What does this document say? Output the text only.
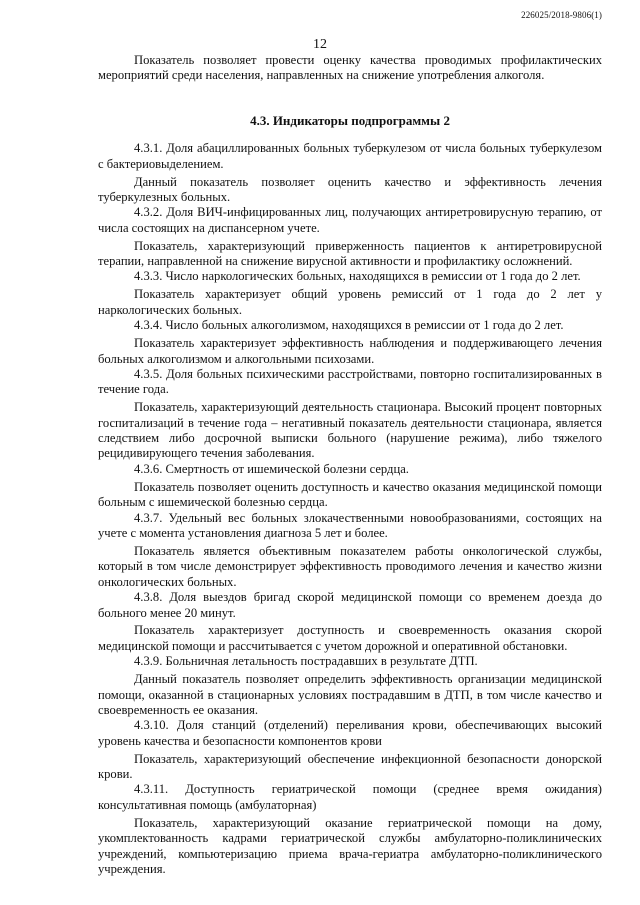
226025/2018-9806(1)
12

Показатель позволяет провести оценку качества проводимых профилактических мероприятий среди населения, направленных на снижение употребления алкоголя.

4.3. Индикаторы подпрограммы 2

4.3.1. Доля абациллированных больных туберкулезом от числа больных туберкулезом с бактериовыделением.

Данный показатель позволяет оценить качество и эффективность лечения туберкулезных больных.

4.3.2. Доля ВИЧ-инфицированных лиц, получающих антиретровирусную терапию, от числа состоящих на диспансерном учете.

Показатель, характеризующий приверженность пациентов к антиретровирусной терапии, направленной на снижение вирусной активности и профилактику осложнений.

4.3.3. Число наркологических больных, находящихся в ремиссии от 1 года до 2 лет.

Показатель характеризует общий уровень ремиссий от 1 года до 2 лет у наркологических больных.

4.3.4. Число больных алкоголизмом, находящихся в ремиссии от 1 года до 2 лет.

Показатель характеризует эффективность наблюдения и поддерживающего лечения больных алкоголизмом и алкогольными психозами.

4.3.5. Доля больных психическими расстройствами, повторно госпитализированных в течение года.

Показатель, характеризующий деятельность стационара. Высокий процент повторных госпитализаций в течение года – негативный показатель деятельности стационара, является следствием либо досрочной выписки больного (нарушение режима), либо тяжелого рецидивирующего течения заболевания.

4.3.6. Смертность от ишемической болезни сердца.

Показатель позволяет оценить доступность и качество оказания медицинской помощи больным с ишемической болезнью сердца.

4.3.7. Удельный вес больных злокачественными новообразованиями, состоящих на учете с момента установления диагноза 5 лет и более.

Показатель является объективным показателем работы онкологической службы, который в том числе демонстрирует эффективность проводимого лечения и качество жизни онкологических больных.

4.3.8. Доля выездов бригад скорой медицинской помощи со временем доезда до больного менее 20 минут.

Показатель характеризует доступность и своевременность оказания скорой медицинской помощи и рассчитывается с учетом дорожной и оперативной обстановки.

4.3.9. Больничная летальность пострадавших в результате ДТП.

Данный показатель позволяет определить эффективность организации медицинской помощи, оказанной в стационарных условиях пострадавшим в ДТП, в том числе качество и своевременность ее оказания.

4.3.10. Доля станций (отделений) переливания крови, обеспечивающих высокий уровень качества и безопасности компонентов крови

Показатель, характеризующий обеспечение инфекционной безопасности донорской крови.

4.3.11. Доступность гериатрической помощи (среднее время ожидания) консультативная помощь (амбулаторная)

Показатель, характеризующий оказание гериатрической помощи на дому, укомплектованность кадрами гериатрической службы амбулаторно-поликлинических учреждений, компьютеризацию приема врача-гериатра амбулаторно-поликлинического учреждения.
